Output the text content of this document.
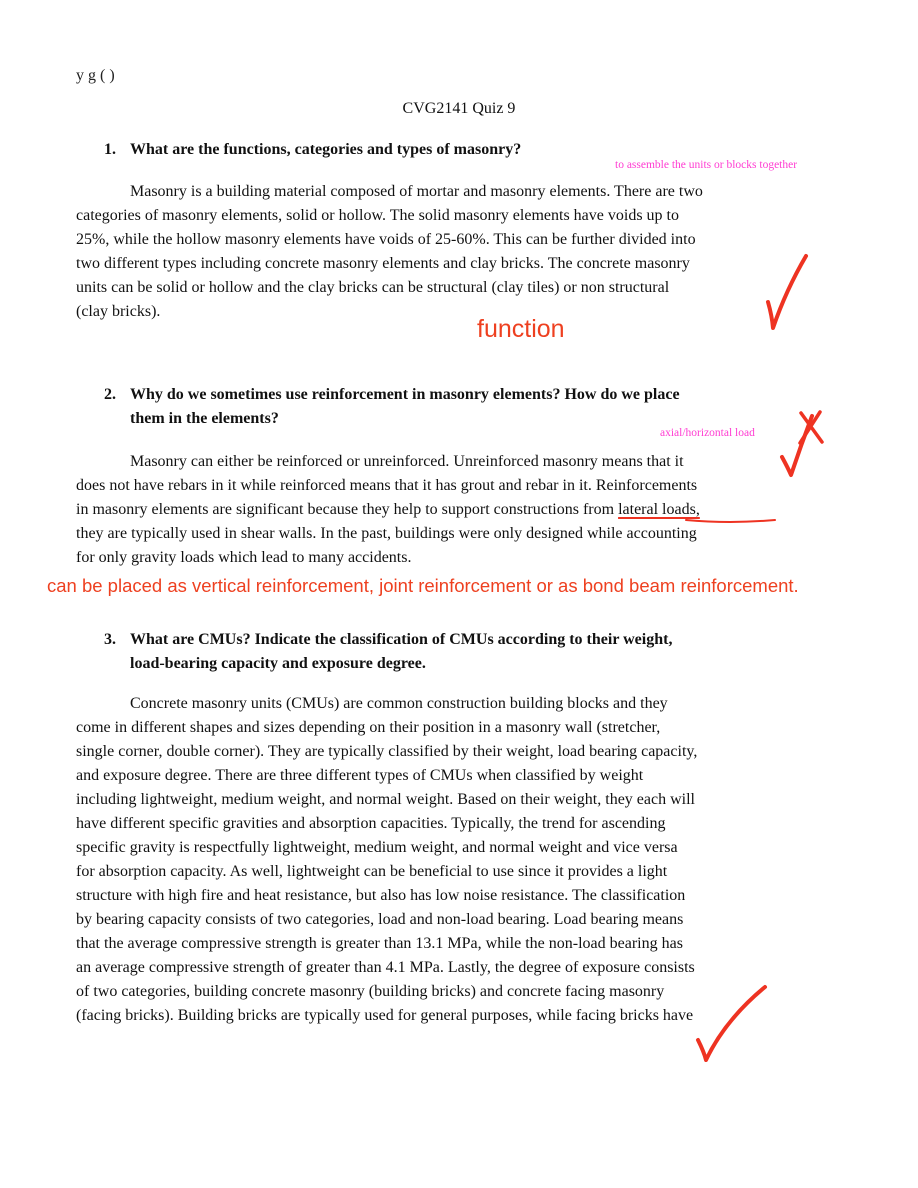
y g ( )
CVG2141 Quiz 9
1. What are the functions, categories and types of masonry?
to assemble the units or blocks together
Masonry is a building material composed of mortar and masonry elements. There are two
categories of masonry elements, solid or hollow. The solid masonry elements have voids up to
25%, while the hollow masonry elements have voids of 25-60%. This can be further divided into
two different types including concrete masonry elements and clay bricks. The concrete masonry
units can be solid or hollow and the clay bricks can be structural (clay tiles) or non structural
(clay bricks).
function
2. Why do we sometimes use reinforcement in masonry elements? How do we place
them in the elements?
axial/horizontal load
Masonry can either be reinforced or unreinforced. Unreinforced masonry means that it
does not have rebars in it while reinforced means that it has grout and rebar in it. Reinforcements
in masonry elements are significant because they help to support constructions from lateral loads,
they are typically used in shear walls. In the past, buildings were only designed while accounting
for only gravity loads which lead to many accidents.
can be placed as vertical reinforcement, joint reinforcement or as bond beam reinforcement.
3. What are CMUs? Indicate the classification of CMUs according to their weight,
load-bearing capacity and exposure degree.
Concrete masonry units (CMUs) are common construction building blocks and they
come in different shapes and sizes depending on their position in a masonry wall (stretcher,
single corner, double corner). They are typically classified by their weight, load bearing capacity,
and exposure degree. There are three different types of CMUs when classified by weight
including lightweight, medium weight, and normal weight. Based on their weight, they each will
have different specific gravities and absorption capacities. Typically, the trend for ascending
specific gravity is respectfully lightweight, medium weight, and normal weight and vice versa
for absorption capacity. As well, lightweight can be beneficial to use since it provides a light
structure with high fire and heat resistance, but also has low noise resistance. The classification
by bearing capacity consists of two categories, load and non-load bearing. Load bearing means
that the average compressive strength is greater than 13.1 MPa, while the non-load bearing has
an average compressive strength of greater than 4.1 MPa. Lastly, the degree of exposure consists
of two categories, building concrete masonry (building bricks) and concrete facing masonry
(facing bricks). Building bricks are typically used for general purposes, while facing bricks have
